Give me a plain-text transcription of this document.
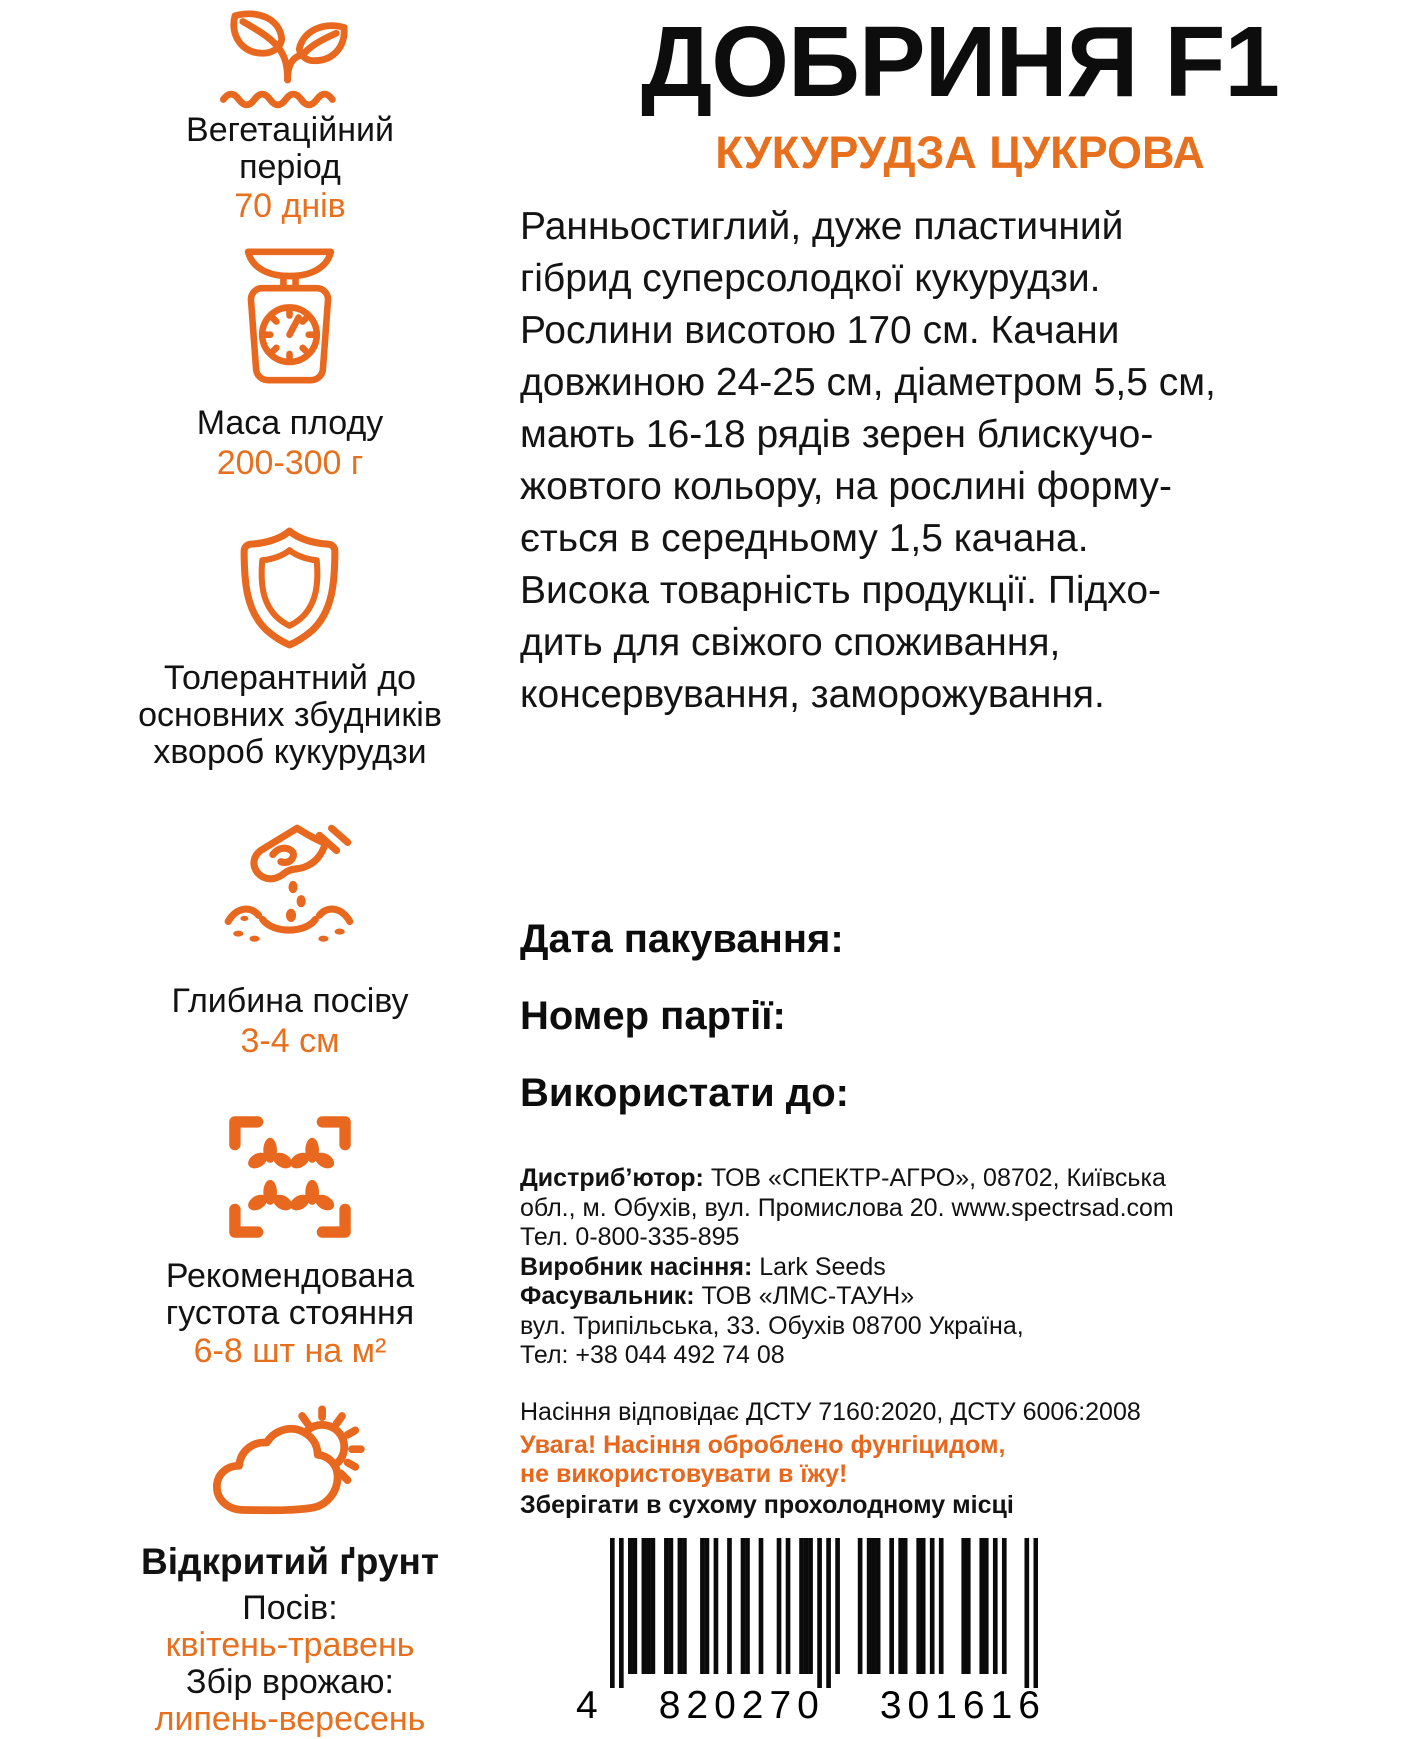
Вегетаційний
період
70 днів
Маса плоду
200-300 г
Толерантний до
основних збудників
хвороб кукурудзи
Глибина посіву
3-4 см
Рекомендована
густота стояння
6-8 шт на м²
Відкритий ґрунт
Посів:
квітень-травень
Збір врожаю:
липень-вересень
ДОБРИНЯ F1
КУКУРУДЗА ЦУКРОВА
Ранньостиглий, дуже пластичний
гібрид суперсолодкої кукурудзи.
Рослини висотою 170 см. Качани
довжиною 24-25 см, діаметром 5,5 см,
мають 16-18 рядів зерен блискучо-
жовтого кольору, на рослині форму-
ється в середньому 1,5 качана.
Висока товарність продукції. Підхо-
дить для свіжого споживання,
консервування, заморожування.
Дата пакування:
Номер партії:
Використати до:
Дистриб’ютор: ТОВ «СПЕКТР-АГРО», 08702, Київська
обл., м. Обухів, вул. Промислова 20. www.spectrsad.com
Тел. 0-800-335-895
Виробник насіння: Lark Seeds
Фасувальник: ТОВ «ЛМС-ТАУН»
вул. Трипільська, 33. Обухів 08700 Україна,
Тел: +38 044 492 74 08
Насіння відповідає ДСТУ 7160:2020, ДСТУ 6006:2008
Увага! Насіння оброблено фунгіцидом,
не використовувати в їжу!
Зберігати в сухому прохолодному місці
4 820270 301616
